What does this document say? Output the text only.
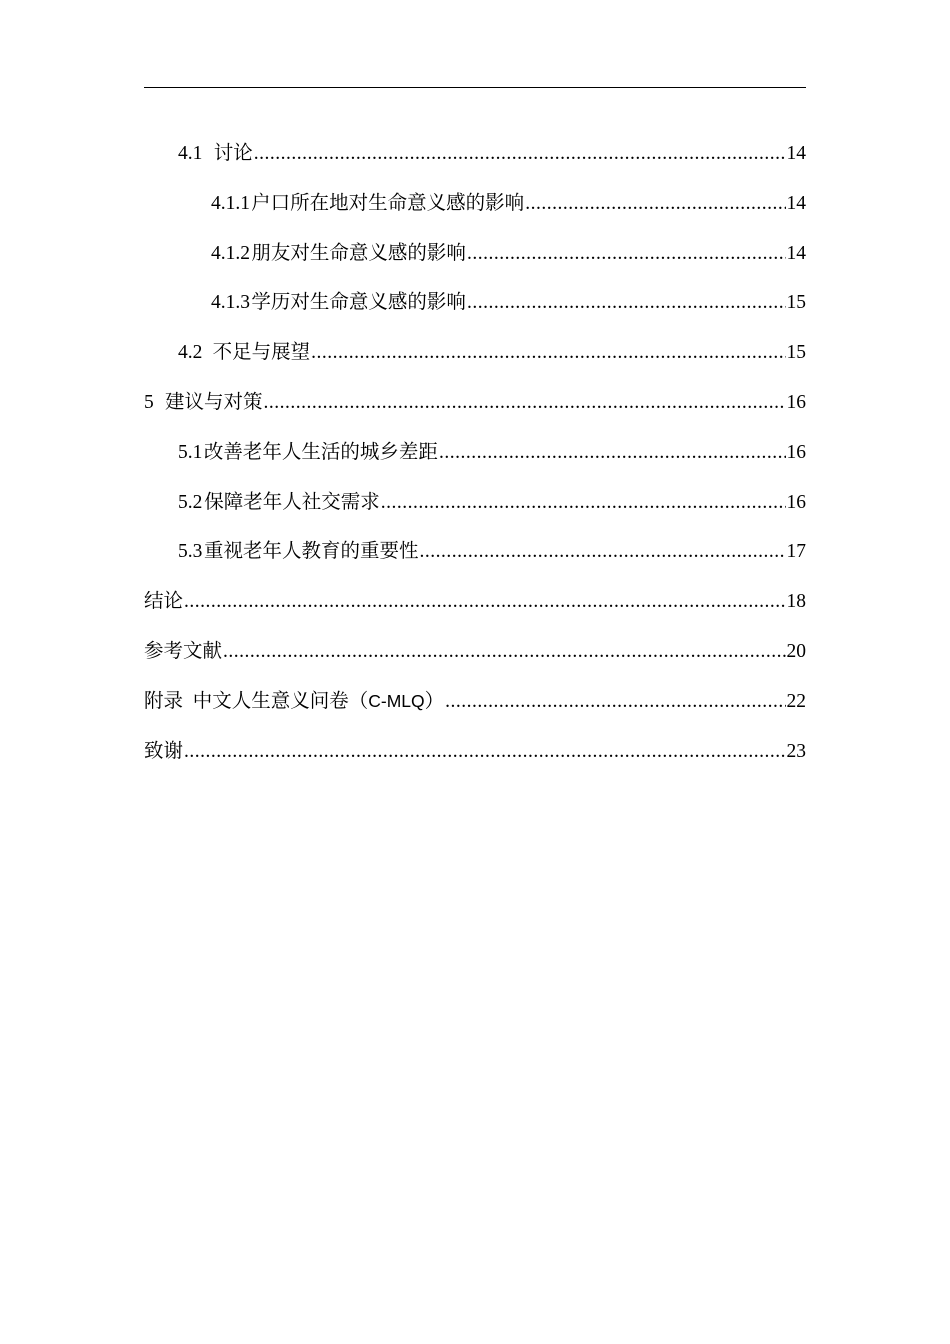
4.1 讨论 .....	14
4.1.1 户口所在地对生命意义感的影响 .....	14
4.1.2 朋友对生命意义感的影响 .....	14
4.1.3 学历对生命意义感的影响 .....	15
4.2 不足与展望 .....	15
5 建议与对策 .....	16
5.1 改善老年人生活的城乡差距 .....	16
5.2 保障老年人社交需求 .....	16
5.3 重视老年人教育的重要性 .....	17
结论 .....	18
参考文献 .....	20
附录  中文人生意义问卷（C-MLQ） .....	22
致谢 .....	23
